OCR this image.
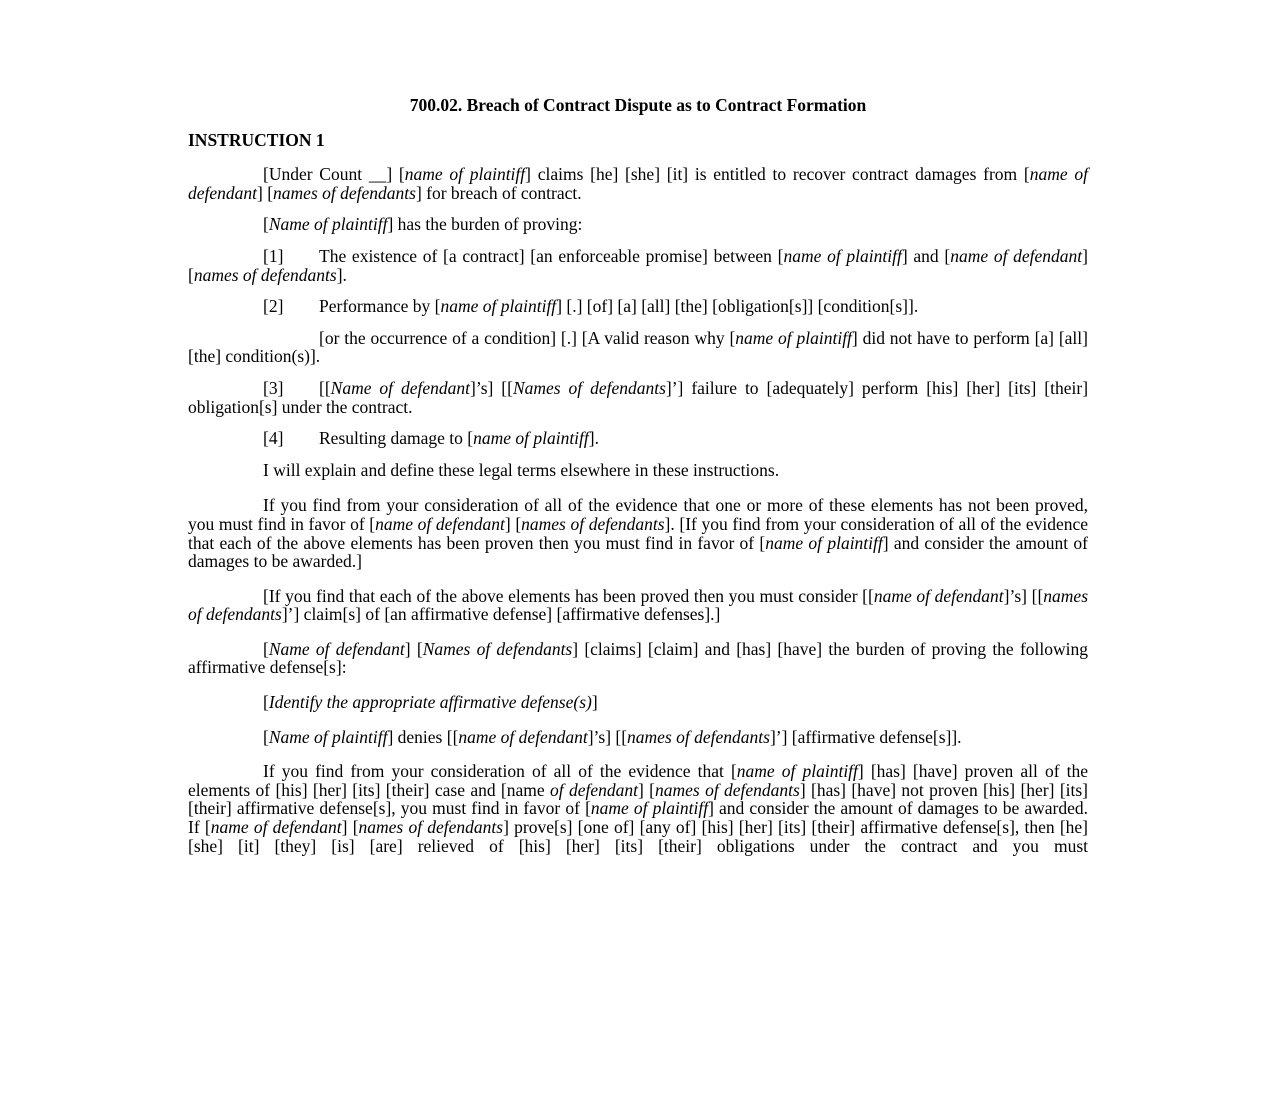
700.02. Breach of Contract Dispute as to Contract Formation
INSTRUCTION 1

[Under Count __] [name of plaintiff] claims [he] [she] [it] is entitled to recover contract damages from [name of defendant] [names of defendants] for breach of contract.

[Name of plaintiff] has the burden of proving:

[1] The existence of [a contract] [an enforceable promise] between [name of plaintiff] and [name of defendant] [names of defendants].

[2] Performance by [name of plaintiff] [.] [of] [a] [all] [the] [obligation[s]] [condition[s]].

[or the occurrence of a condition] [.] [A valid reason why [name of plaintiff] did not have to perform [a] [all] [the] condition(s)].

[3] [[Name of defendant]’s] [[Names of defendants]’] failure to [adequately] perform [his] [her] [its] [their] obligation[s] under the contract.

[4] Resulting damage to [name of plaintiff].

I will explain and define these legal terms elsewhere in these instructions.

If you find from your consideration of all of the evidence that one or more of these elements has not been proved, you must find in favor of [name of defendant] [names of defendants]. [If you find from your consideration of all of the evidence that each of the above elements has been proven then you must find in favor of [name of plaintiff] and consider the amount of damages to be awarded.]

[If you find that each of the above elements has been proved then you must consider [[name of defendant]’s] [[names of defendants]’] claim[s] of [an affirmative defense] [affirmative defenses].]

[Name of defendant] [Names of defendants] [claims] [claim] and [has] [have] the burden of proving the following affirmative defense[s]:

[Identify the appropriate affirmative defense(s)]

[Name of plaintiff] denies [[name of defendant]’s] [[names of defendants]’] [affirmative defense[s]].

If you find from your consideration of all of the evidence that [name of plaintiff] [has] [have] proven all of the elements of [his] [her] [its] [their] case and [name of defendant] [names of defendants] [has] [have] not proven [his] [her] [its] [their] affirmative defense[s], you must find in favor of [name of plaintiff] and consider the amount of damages to be awarded. If [name of defendant] [names of defendants] prove[s] [one of] [any of] [his] [her] [its] [their] affirmative defense[s], then [he] [she] [it] [they] [is] [are] relieved of [his] [her] [its] [their] obligations under the contract and you must
